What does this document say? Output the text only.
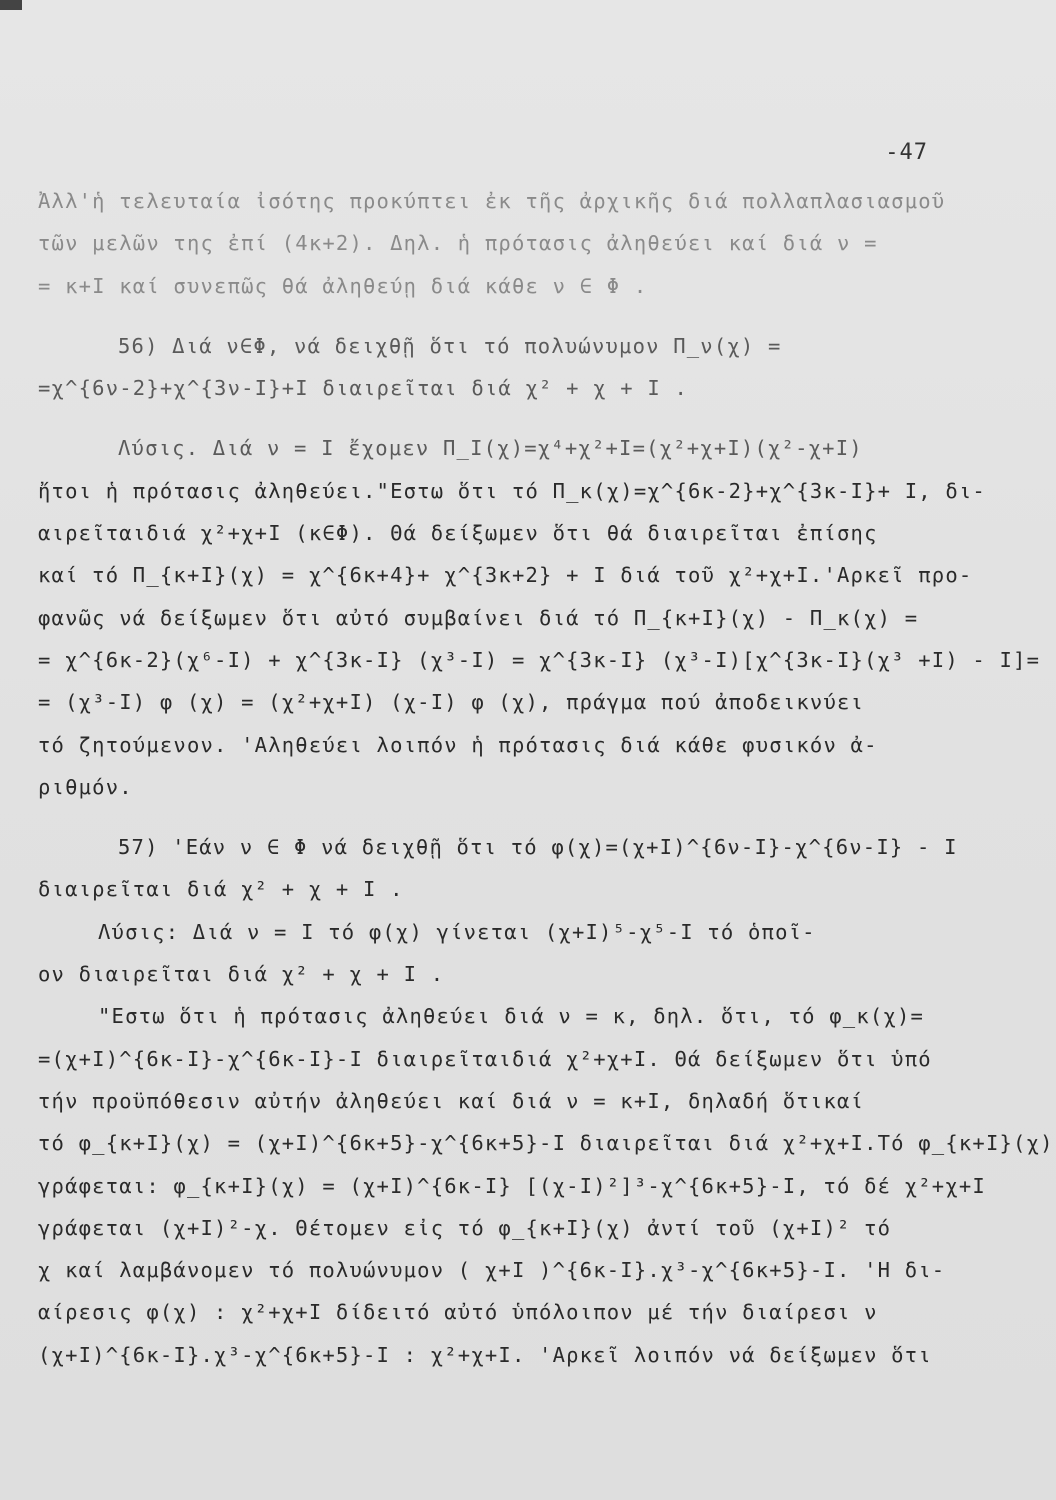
-47
Ἀλλ'ἡ τελευταία ἰσότης προκύπτει ἐκ τῆς ἀρχικῆς διά πολλαπλασιασμοῦ
τῶν μελῶν της ἐπί (4κ+2). Δηλ. ἡ πρότασις ἀληθεύει καί διά ν =
= κ+Ι καί συνεπῶς θά ἀληθεύῃ διά κάθε ν ∈ Φ .
56) Διά ν∈Φ, νά δειχθῇ ὅτι τό πολυώνυμον Π_ν(χ) =
=χ^{6ν-2}+χ^{3ν-Ι}+Ι διαιρεῖται διά χ² + χ + Ι .
Λύσις. Διά ν = Ι ἔχομεν Π_Ι(χ)=χ⁴+χ²+Ι=(χ²+χ+Ι)(χ²-χ+Ι)
ἤτοι ἡ πρότασις ἀληθεύει."Εστω ὅτι τό Π_κ(χ)=χ^{6κ-2}+χ^{3κ-Ι}+ Ι, δι-
αιρεῖταιδιά χ²+χ+Ι (κ∈Φ). Θά δείξωμεν ὅτι θά διαιρεῖται ἐπίσης
καί τό Π_{κ+Ι}(χ) = χ^{6κ+4}+ χ^{3κ+2} + Ι διά τοῦ χ²+χ+Ι.'Αρκεῖ προ-
φανῶς νά δείξωμεν ὅτι αὐτό συμβαίνει διά τό Π_{κ+Ι}(χ) - Π_κ(χ) =
= χ^{6κ-2}(χ⁶-Ι) + χ^{3κ-Ι} (χ³-Ι) = χ^{3κ-Ι} (χ³-Ι)[χ^{3κ-Ι}(χ³ +Ι) - Ι]=
= (χ³-Ι) φ (χ) = (χ²+χ+Ι) (χ-Ι) φ (χ), πράγμα πού ἀποδεικνύει
τό ζητούμενον. 'Αληθεύει λοιπόν ἡ πρότασις διά κάθε φυσικόν ἀ-
ριθμόν.
57) 'Εάν ν ∈ Φ νά δειχθῇ ὅτι τό φ(χ)=(χ+Ι)^{6ν-Ι}-χ^{6ν-Ι} - Ι
διαιρεῖται διά χ² + χ + Ι .
Λύσις: Διά ν = Ι τό φ(χ) γίνεται (χ+Ι)⁵-χ⁵-Ι τό ὁποῖ-
ον διαιρεῖται διά χ² + χ + Ι .
"Εστω ὅτι ἡ πρότασις ἀληθεύει διά ν = κ, δηλ. ὅτι, τό φ_κ(χ)=
=(χ+Ι)^{6κ-Ι}-χ^{6κ-Ι}-Ι διαιρεῖταιδιά χ²+χ+Ι. Θά δείξωμεν ὅτι ὑπό
τήν προϋπόθεσιν αὐτήν ἀληθεύει καί διά ν = κ+Ι, δηλαδή ὅτικαί
τό φ_{κ+Ι}(χ) = (χ+Ι)^{6κ+5}-χ^{6κ+5}-Ι διαιρεῖται διά χ²+χ+Ι.Τό φ_{κ+Ι}(χ)
γράφεται: φ_{κ+Ι}(χ) = (χ+Ι)^{6κ-Ι} [(χ-Ι)²]³-χ^{6κ+5}-Ι, τό δέ χ²+χ+Ι
γράφεται (χ+Ι)²-χ. Θέτομεν εἰς τό φ_{κ+Ι}(χ) ἀντί τοῦ (χ+Ι)² τό
χ καί λαμβάνομεν τό πολυώνυμον ( χ+Ι )^{6κ-Ι}.χ³-χ^{6κ+5}-Ι. 'Η δι-
αίρεσις φ(χ) : χ²+χ+Ι δίδειτό αὐτό ὑπόλοιπον μέ τήν διαίρεσι ν
(χ+Ι)^{6κ-Ι}.χ³-χ^{6κ+5}-Ι : χ²+χ+Ι. 'Αρκεῖ λοιπόν νά δείξωμεν ὅτι
